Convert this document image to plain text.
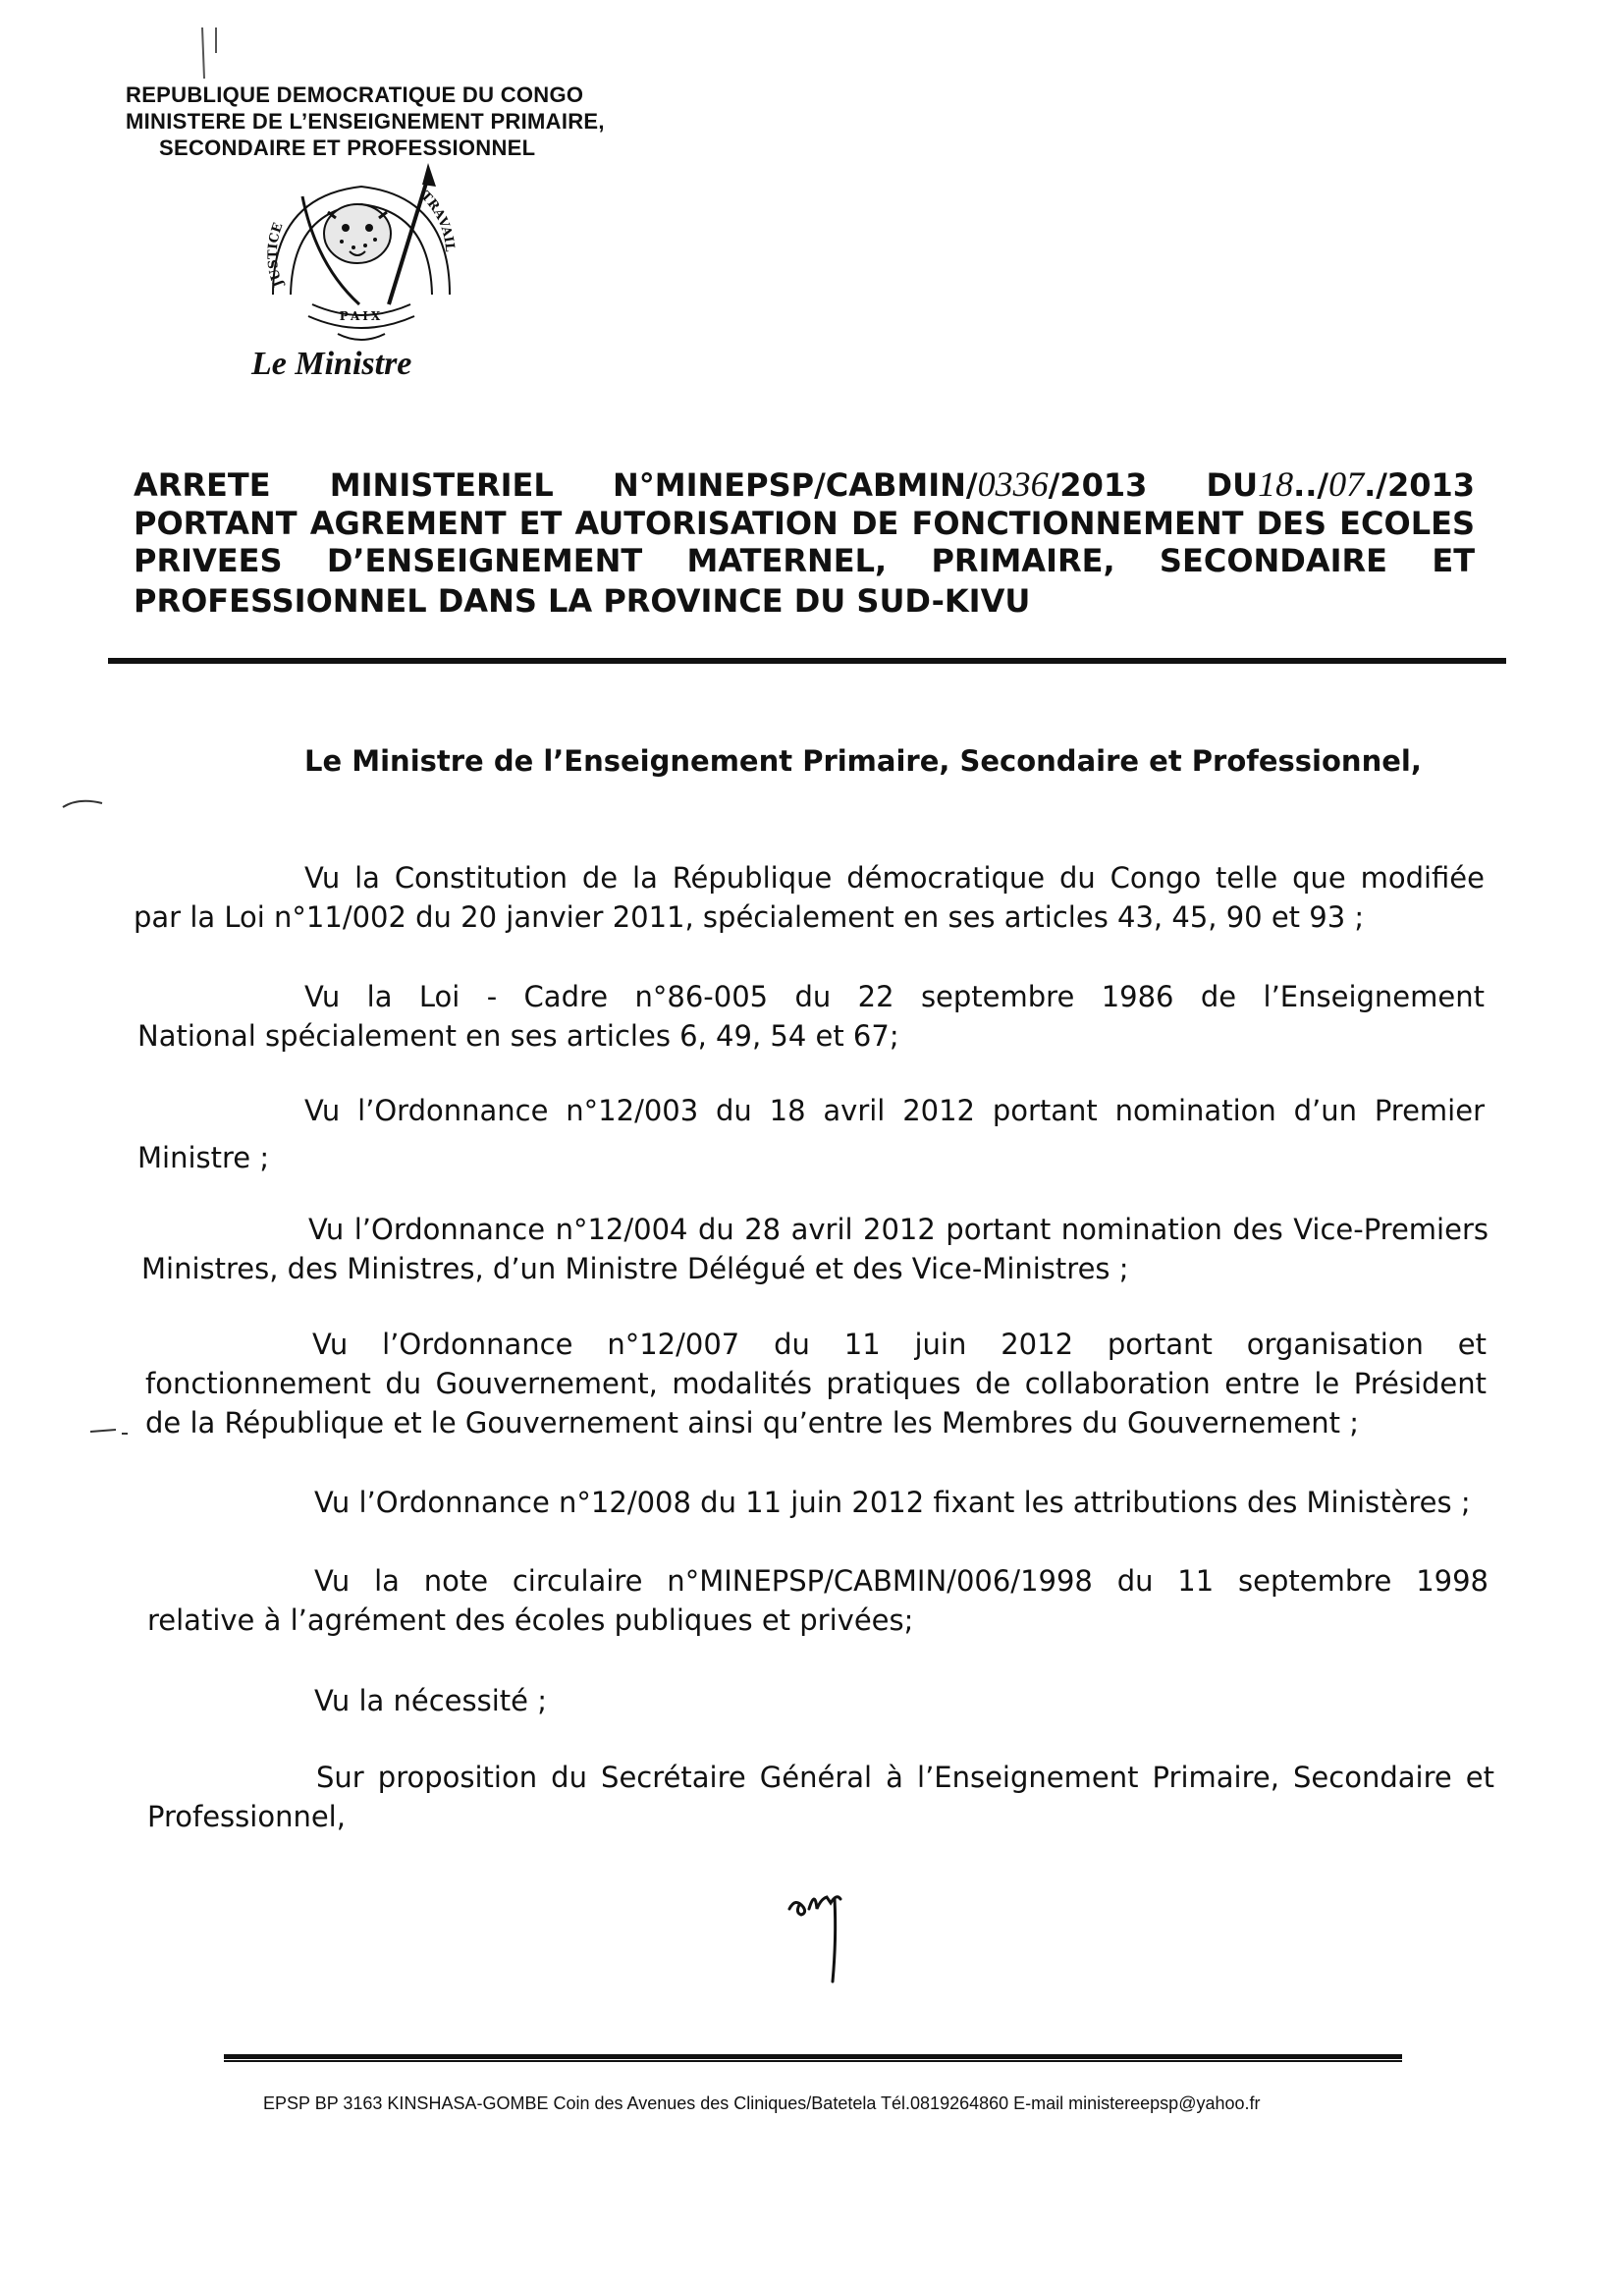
REPUBLIQUE DEMOCRATIQUE DU CONGO
MINISTERE DE L’ENSEIGNEMENT PRIMAIRE,
SECONDAIRE ET PROFESSIONNEL
JUSTICE
TRAVAIL
PAIX
Le Ministre
ARRETE MINISTERIEL N°MINEPSP/CABMIN/0336/2013 DU18../07./2013
PORTANT AGREMENT ET AUTORISATION DE FONCTIONNEMENT DES ECOLES
PRIVEES D’ENSEIGNEMENT MATERNEL, PRIMAIRE, SECONDAIRE ET
PROFESSIONNEL DANS LA PROVINCE DU SUD-KIVU
Le Ministre de l’Enseignement Primaire, Secondaire et Professionnel,
Vu la Constitution de la République démocratique du Congo telle que modifiée
par la Loi n°11/002 du 20 janvier 2011, spécialement en ses articles 43, 45, 90 et 93 ;
Vu la Loi - Cadre n°86-005 du 22 septembre 1986 de l’Enseignement
National spécialement en ses articles 6, 49, 54 et 67;
Vu l’Ordonnance n°12/003 du 18 avril 2012 portant nomination d’un Premier
Ministre ;
Vu l’Ordonnance n°12/004 du 28 avril 2012 portant nomination des Vice-Premiers
Ministres, des Ministres, d’un Ministre Délégué et des Vice-Ministres ;
Vu l’Ordonnance n°12/007 du 11 juin 2012 portant organisation et
fonctionnement du Gouvernement, modalités pratiques de collaboration entre le Président
de la République et le Gouvernement ainsi qu’entre les Membres du Gouvernement ;
Vu l’Ordonnance n°12/008 du 11 juin 2012 fixant les attributions des Ministères ;
Vu la note circulaire n°MINEPSP/CABMIN/006/1998 du 11 septembre 1998
relative à l’agrément des écoles publiques et privées;
Vu la nécessité ;
Sur proposition du Secrétaire Général à l’Enseignement Primaire, Secondaire et
Professionnel,
EPSP BP 3163 KINSHASA-GOMBE Coin des Avenues des Cliniques/Batetela Tél.0819264860 E-mail ministereepsp@yahoo.fr
